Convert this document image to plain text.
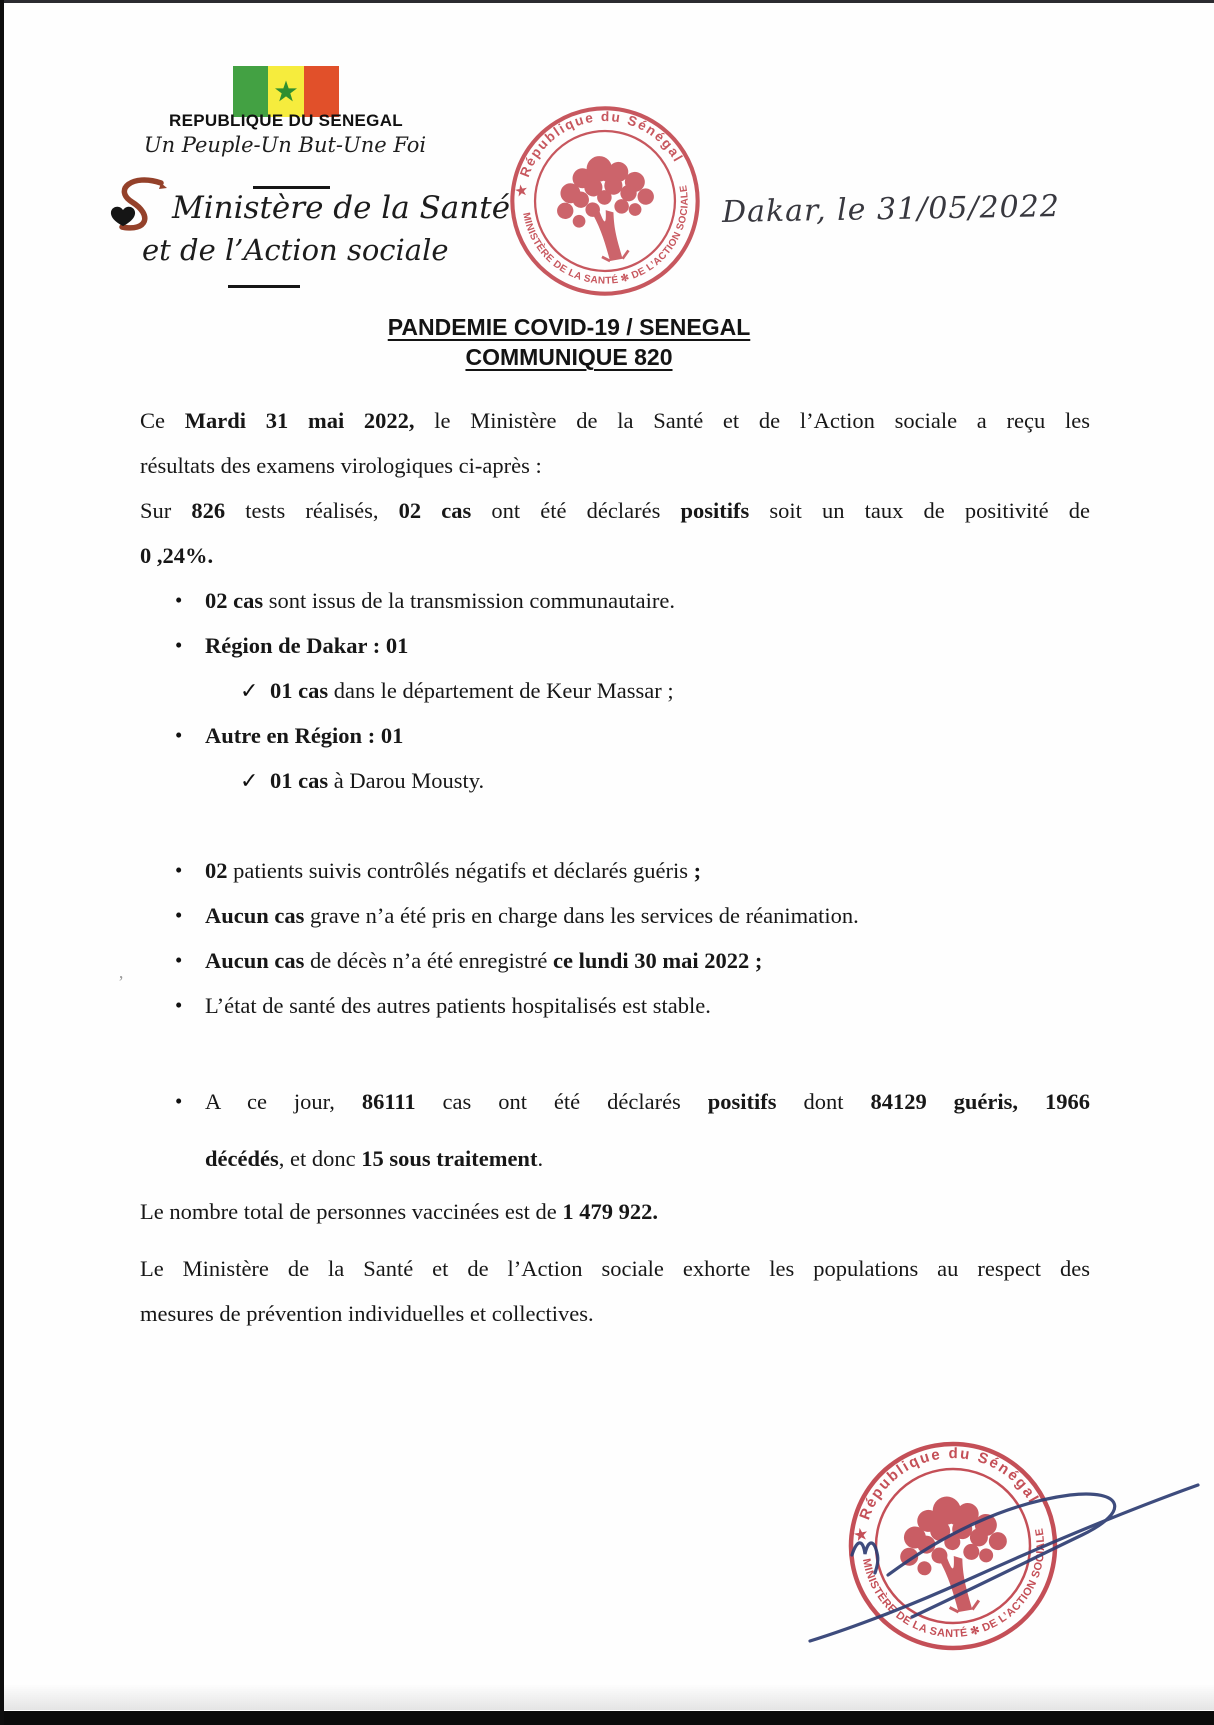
REPUBLIQUE DU SENEGAL
Un Peuple-Un But-Une Foi
Ministère de la Santé
et de l’Action sociale
★ République du Sénégal
MINISTÈRE DE LA SANTÉ ✻ DE L’ACTION SOCIALE
Dakar, le 31/05/2022
PANDEMIE COVID-19 / SENEGAL
COMMUNIQUE 820

Ce Mardi 31 mai 2022, le Ministère de la Santé et de l’Action sociale a reçu les
résultats des examens virologiques ci-après :

Sur 826 tests réalisés, 02 cas ont été déclarés positifs soit un taux de positivité de
0 ,24%.

•	02 cas sont issus de la transmission communautaire.
•	Région de Dakar : 01
✓ 01 cas dans le département de Keur Massar ;
•	Autre en Région : 01
✓ 01 cas à Darou Mousty.
•	02 patients suivis contrôlés négatifs et déclarés guéris ;
•	Aucun cas grave n’a été pris en charge dans les services de réanimation.
•	Aucun cas de décès n’a été enregistré ce lundi 30 mai 2022 ;
•	L’état de santé des autres patients hospitalisés est stable.
•	A ce jour, 86111 cas ont été déclarés positifs dont 84129 guéris, 1966
décédés, et donc 15 sous traitement.

Le nombre total de personnes vaccinées est de 1 479 922.

Le Ministère de la Santé et de l’Action sociale exhorte les populations au respect des
mesures de prévention individuelles et collectives.

’
★ République du Sénégal
MINISTÈRE DE LA SANTÉ ✻ DE L’ACTION SOCIALE
